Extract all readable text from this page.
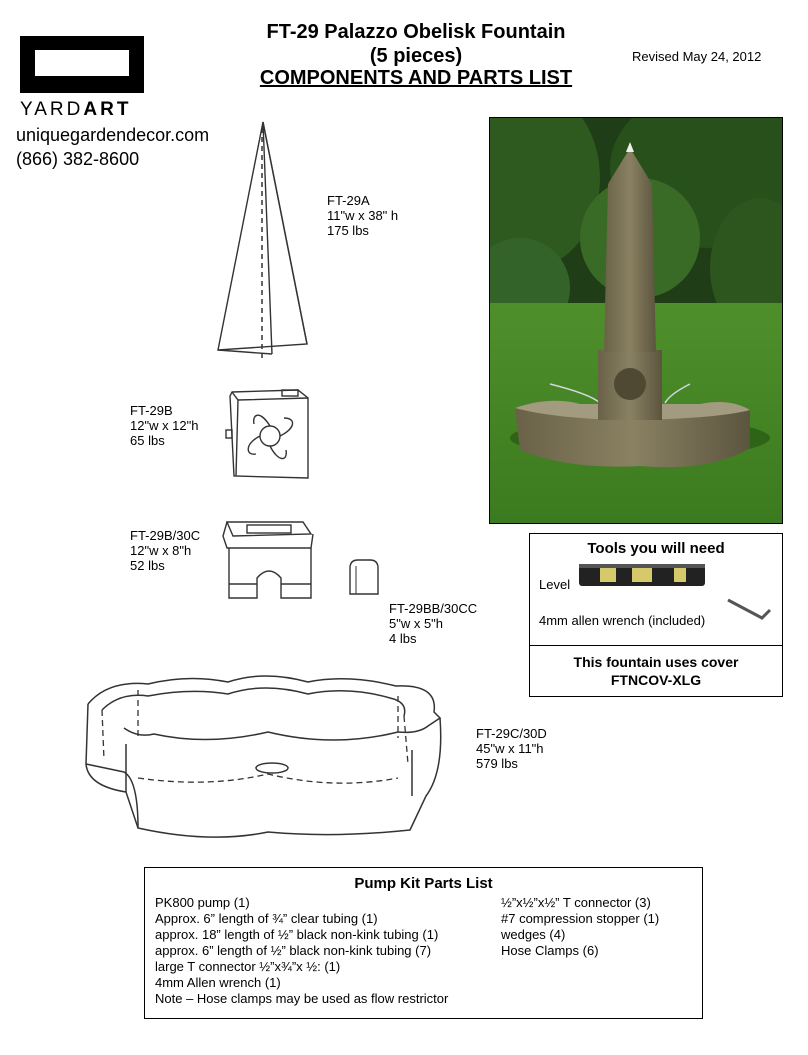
FT-29 Palazzo Obelisk Fountain
(5 pieces)
COMPONENTS AND PARTS LIST
Revised May 24, 2012
YARDART
uniquegardendecor.com
(866) 382-8600
FT-29A
11"w x 38" h
175 lbs
FT-29B
12"w x 12"h
65 lbs
FT-29B/30C
12"w x 8"h
52 lbs
FT-29BB/30CC
5"w x 5"h
4 lbs
FT-29C/30D
45"w x 11"h
579 lbs
Tools you will need
Level
4mm allen wrench (included)
This fountain uses cover
FTNCOV-XLG
Pump Kit Parts List
PK800 pump (1)
Approx. 6” length of ¾” clear tubing (1)
approx. 18” length of ½” black non-kink tubing (1)
approx. 6” length of ½” black non-kink tubing (7)
large T connector ½”x¾”x ½: (1)
4mm Allen wrench (1)
Note – Hose clamps may be used as flow restrictor
½”x½”x½” T connector (3)
#7 compression stopper (1)
wedges (4)
Hose Clamps (6)
